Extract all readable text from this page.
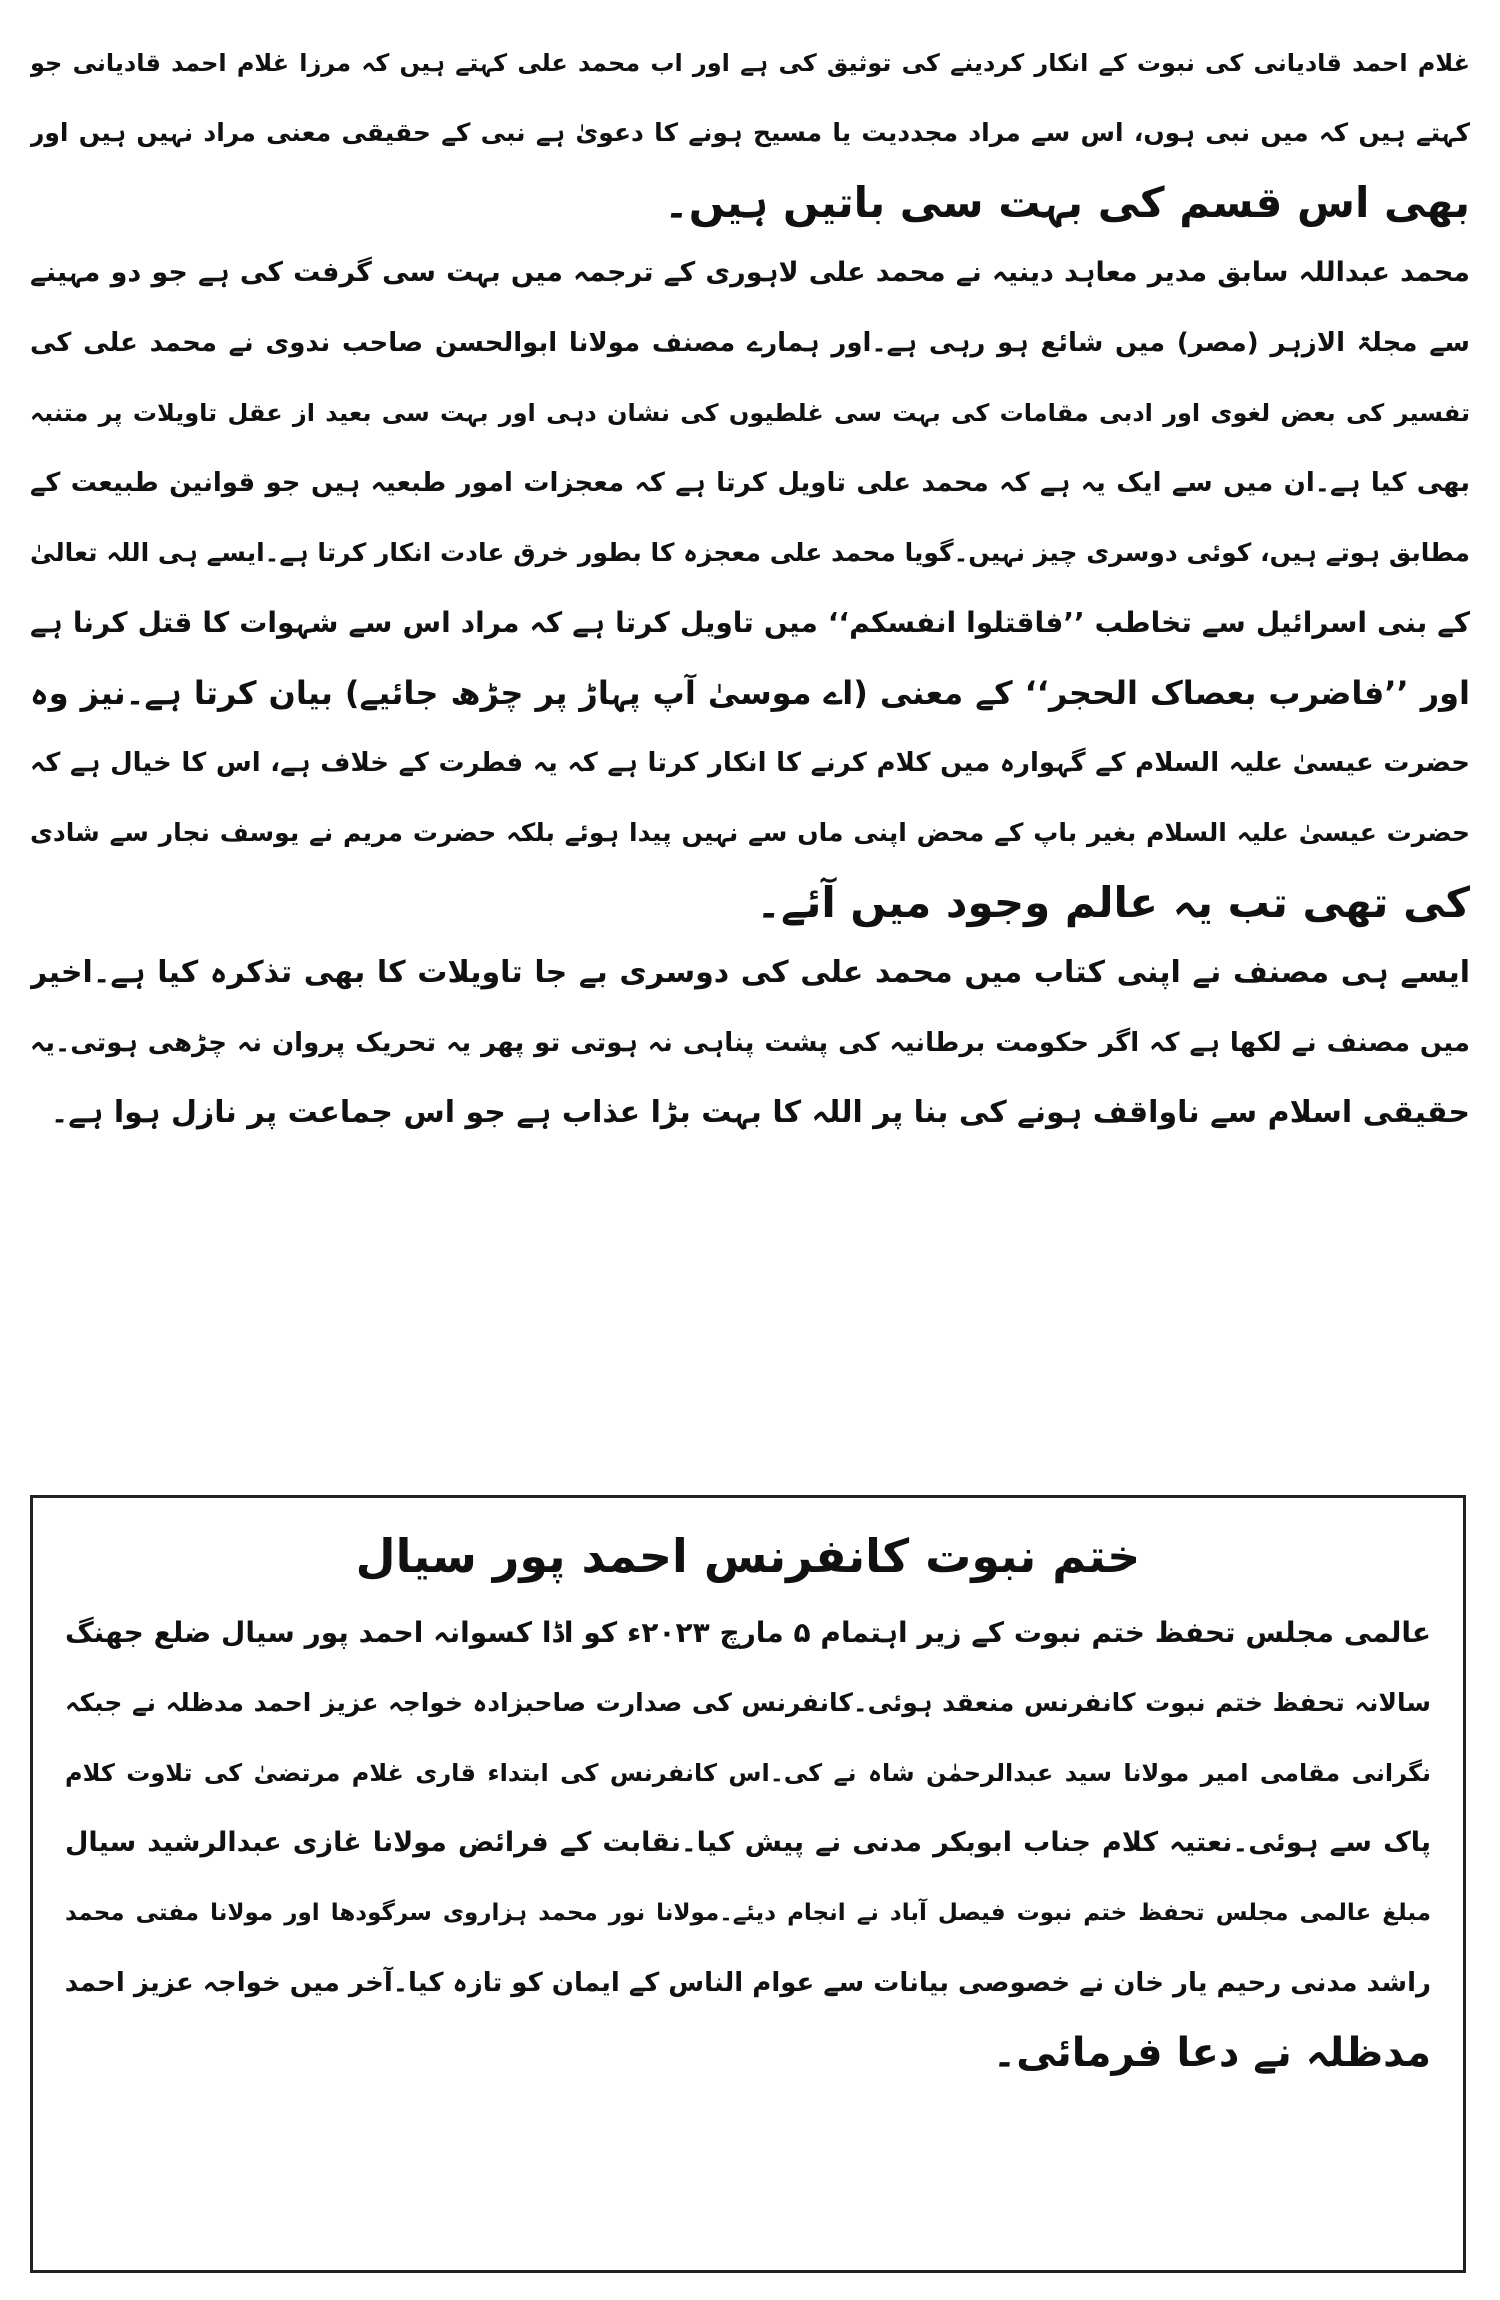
غلام احمد قادیانی کی نبوت کے انکار کردینے کی توثیق کی ہے اور اب محمد علی کہتے ہیں کہ مرزا غلام احمد قادیانی جو
کہتے ہیں کہ میں نبی ہوں، اس سے مراد مجددیت یا مسیح ہونے کا دعویٰ ہے نبی کے حقیقی معنی مراد نہیں ہیں اور
بھی اس قسم کی بہت سی باتیں ہیں۔
محمد عبداللہ سابق مدیر معاہد دینیہ نے محمد علی لاہوری کے ترجمہ میں بہت سی گرفت کی ہے جو دو مہینے
سے مجلۃ الازہر (مصر) میں شائع ہو رہی ہے۔اور ہمارے مصنف مولانا ابوالحسن صاحب ندوی نے محمد علی کی
تفسیر کی بعض لغوی اور ادبی مقامات کی بہت سی غلطیوں کی نشان دہی اور بہت سی بعید از عقل تاویلات پر متنبہ
بھی کیا ہے۔ان میں سے ایک یہ ہے کہ محمد علی تاویل کرتا ہے کہ معجزات امور طبعیہ ہیں جو قوانین طبیعت کے
مطابق ہوتے ہیں، کوئی دوسری چیز نہیں۔گویا محمد علی معجزہ کا بطور خرق عادت انکار کرتا ہے۔ایسے ہی اللہ تعالیٰ
کے بنی اسرائیل سے تخاطب ’’فاقتلوا انفسکم‘‘ میں تاویل کرتا ہے کہ مراد اس سے شہوات کا قتل کرنا ہے
اور ’’فاضرب بعصاک الحجر‘‘ کے معنی (اے موسیٰ آپ پہاڑ پر چڑھ جائیے) بیان کرتا ہے۔نیز وہ
حضرت عیسیٰ علیہ السلام کے گہوارہ میں کلام کرنے کا انکار کرتا ہے کہ یہ فطرت کے خلاف ہے، اس کا خیال ہے کہ
حضرت عیسیٰ علیہ السلام بغیر باپ کے محض اپنی ماں سے نہیں پیدا ہوئے بلکہ حضرت مریم نے یوسف نجار سے شادی
کی تھی تب یہ عالم وجود میں آئے۔
ایسے ہی مصنف نے اپنی کتاب میں محمد علی کی دوسری بے جا تاویلات کا بھی تذکرہ کیا ہے۔اخیر
میں مصنف نے لکھا ہے کہ اگر حکومت برطانیہ کی پشت پناہی نہ ہوتی تو پھر یہ تحریک پروان نہ چڑھی ہوتی۔یہ
حقیقی اسلام سے ناواقف ہونے کی بنا پر اللہ کا بہت بڑا عذاب ہے جو اس جماعت پر نازل ہوا ہے۔
ختم نبوت کانفرنس احمد پور سیال
عالمی مجلس تحفظ ختم نبوت کے زیر اہتمام ۵ مارچ ۲۰۲۳ء کو اڈا کسوانہ احمد پور سیال ضلع جھنگ
سالانہ تحفظ ختم نبوت کانفرنس منعقد ہوئی۔کانفرنس کی صدارت صاحبزادہ خواجہ عزیز احمد مدظلہ نے جبکہ
نگرانی مقامی امیر مولانا سید عبدالرحمٰن شاہ نے کی۔اس کانفرنس کی ابتداء قاری غلام مرتضیٰ کی تلاوت کلام
پاک سے ہوئی۔نعتیہ کلام جناب ابوبکر مدنی نے پیش کیا۔نقابت کے فرائض مولانا غازی عبدالرشید سیال
مبلغ عالمی مجلس تحفظ ختم نبوت فیصل آباد نے انجام دیئے۔مولانا نور محمد ہزاروی سرگودھا اور مولانا مفتی محمد
راشد مدنی رحیم یار خان نے خصوصی بیانات سے عوام الناس کے ایمان کو تازہ کیا۔آخر میں خواجہ عزیز احمد
مدظلہ نے دعا فرمائی۔
